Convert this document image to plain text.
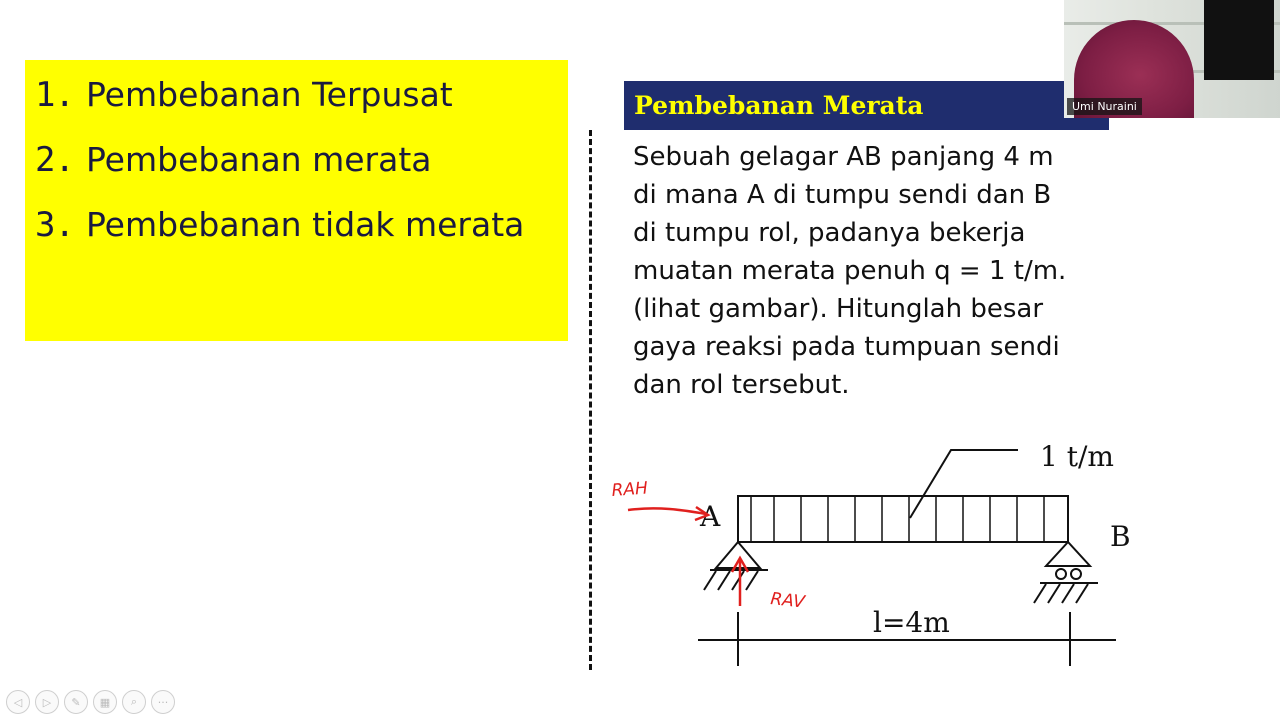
1. Pembebanan Terpusat
2. Pembebanan merata
3. Pembebanan tidak merata
Pembebanan Merata
Sebuah gelagar AB panjang 4 m
di mana A di tumpu sendi dan B
di tumpu rol, padanya bekerja
muatan merata penuh q = 1 t/m.
(lihat gambar). Hitunglah besar
gaya reaksi pada tumpuan sendi
dan rol tersebut.
1 t/m
A
B
l=4m
RAH
RAV
Umi Nuraini
◁	▷	✎	▦	⌕	···
